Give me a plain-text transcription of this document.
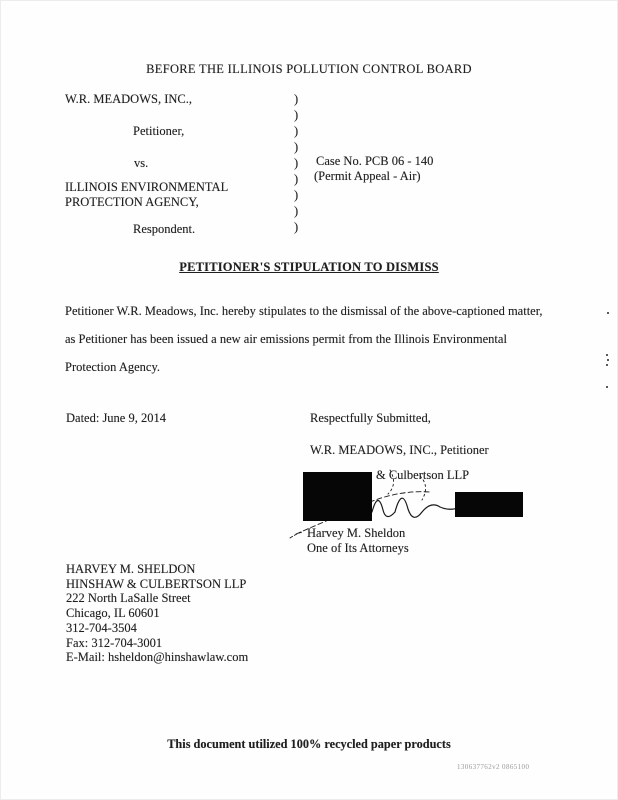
BEFORE THE ILLINOIS POLLUTION CONTROL BOARD
W.R. MEADOWS, INC.,
Petitioner,
vs.
ILLINOIS ENVIRONMENTAL
PROTECTION AGENCY,
Respondent.
)
)
)
)
)
)
)
)
)
Case No. PCB 06 - 140
(Permit Appeal - Air)
PETITIONER'S STIPULATION TO DISMISS
Petitioner W.R. Meadows, Inc. hereby stipulates to the dismissal of the above-captioned matter,
as Petitioner has been issued a new air emissions permit from the Illinois Environmental
Protection Agency.
Dated: June 9, 2014	Respectfully Submitted,
W.R. MEADOWS, INC., Petitioner
& Culbertson LLP
Harvey M. Sheldon
One of Its Attorneys
HARVEY M. SHELDON
HINSHAW & CULBERTSON LLP
222 North LaSalle Street
Chicago, IL 60601
312-704-3504
Fax: 312-704-3001
E-Mail: hsheldon@hinshawlaw.com
This document utilized 100% recycled paper products
130637762v2 0865100
